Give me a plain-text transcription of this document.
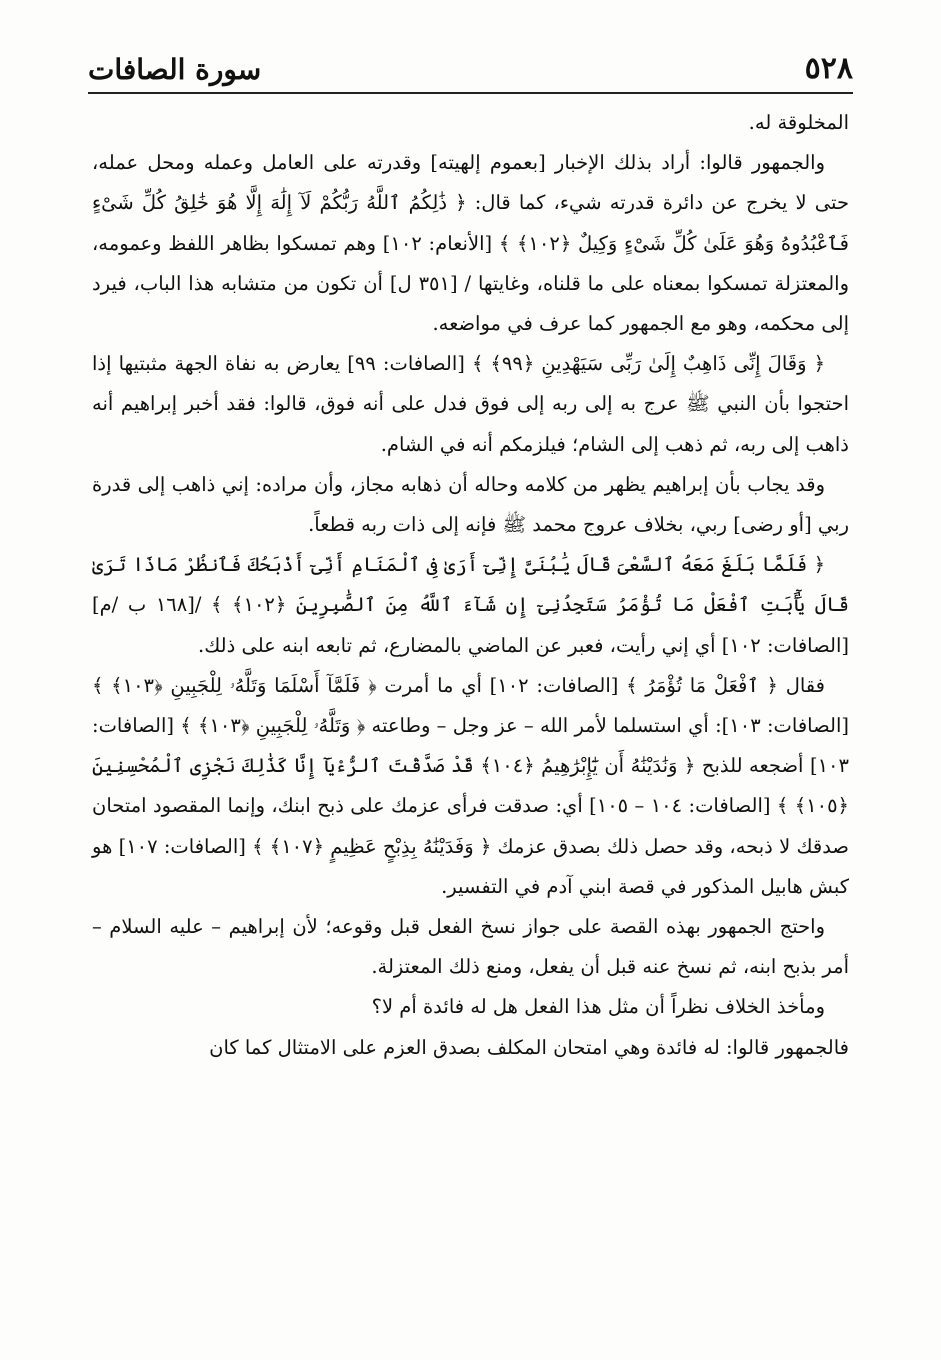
سورة الصافات	٥٢٨

المخلوقة له.

والجمهور قالوا: أراد بذلك الإخبار [بعموم إلهيته] وقدرته على العامل وعمله ومحل عمله، حتى لا يخرج عن دائرة قدرته شيء، كما قال: ﴿ ذَٰلِكُمُ ٱللَّهُ رَبُّكُمْ لَآ إِلَٰهَ إِلَّا هُوَ خَٰلِقُ كُلِّ شَىْءٍ فَٱعْبُدُوهُ وَهُوَ عَلَىٰ كُلِّ شَىْءٍ وَكِيلٌ ﴿١٠٢﴾ ﴾ [الأنعام: ١٠٢] وهم تمسكوا بظاهر اللفظ وعمومه، والمعتزلة تمسكوا بمعناه على ما قلناه، وغايتها / [٣٥١ ل] أن تكون من متشابه هذا الباب، فيرد إلى محكمه، وهو مع الجمهور كما عرف في مواضعه.

﴿ وَقَالَ إِنِّى ذَاهِبٌ إِلَىٰ رَبِّى سَيَهْدِينِ ﴿٩٩﴾ ﴾ [الصافات: ٩٩] يعارض به نفاة الجهة مثبتيها إذا احتجوا بأن النبي ﷺ عرج به إلى ربه إلى فوق فدل على أنه فوق، قالوا: فقد أخبر إبراهيم أنه ذاهب إلى ربه، ثم ذهب إلى الشام؛ فيلزمكم أنه في الشام.

وقد يجاب بأن إبراهيم يظهر من كلامه وحاله أن ذهابه مجاز، وأن مراده: إني ذاهب إلى قدرة ربي [أو رضى] ربي، بخلاف عروج محمد ﷺ فإنه إلى ذات ربه قطعاً.

﴿ فَلَمَّا بَلَغَ مَعَهُ ٱلسَّعْىَ قَالَ يَٰبُنَىَّ إِنِّىٓ أَرَىٰ فِى ٱلْمَنَامِ أَنِّىٓ أَذْبَحُكَ فَٱنظُرْ مَاذَا تَرَىٰ قَالَ يَٰٓأَبَتِ ٱفْعَلْ مَا تُؤْمَرُ سَتَجِدُنِىٓ إِن شَآءَ ٱللَّهُ مِنَ ٱلصَّٰبِرِينَ ﴿١٠٢﴾ ﴾ /[١٦٨ ب /م] [الصافات: ١٠٢] أي إني رأيت، فعبر عن الماضي بالمضارع، ثم تابعه ابنه على ذلك.

فقال ﴿ ٱفْعَلْ مَا تُؤْمَرُ ﴾ [الصافات: ١٠٢] أي ما أمرت ﴿ فَلَمَّآ أَسْلَمَا وَتَلَّهُۥ لِلْجَبِينِ ﴿١٠٣﴾ ﴾ [الصافات: ١٠٣]: أي استسلما لأمر الله – عز وجل – وطاعته ﴿ وَتَلَّهُۥ لِلْجَبِينِ ﴿١٠٣﴾ ﴾ [الصافات: ١٠٣] أضجعه للذبح ﴿ وَنَٰدَيْنَٰهُ أَن يَٰٓإِبْرَٰهِيمُ ﴿١٠٤﴾ قَدْ صَدَّقْتَ ٱلرُّءْيَآ إِنَّا كَذَٰلِكَ نَجْزِى ٱلْمُحْسِنِينَ ﴿١٠٥﴾ ﴾ [الصافات: ١٠٤ – ١٠٥] أي: صدقت فرأى عزمك على ذبح ابنك، وإنما المقصود امتحان صدقك لا ذبحه، وقد حصل ذلك بصدق عزمك ﴿ وَفَدَيْنَٰهُ بِذِبْحٍ عَظِيمٍ ﴿١٠٧﴾ ﴾ [الصافات: ١٠٧] هو كبش هابيل المذكور في قصة ابني آدم في التفسير.

واحتج الجمهور بهذه القصة على جواز نسخ الفعل قبل وقوعه؛ لأن إبراهيم – عليه السلام – أمر بذبح ابنه، ثم نسخ عنه قبل أن يفعل، ومنع ذلك المعتزلة.

ومأخذ الخلاف نظراً أن مثل هذا الفعل هل له فائدة أم لا؟

فالجمهور قالوا: له فائدة وهي امتحان المكلف بصدق العزم على الامتثال كما كان
